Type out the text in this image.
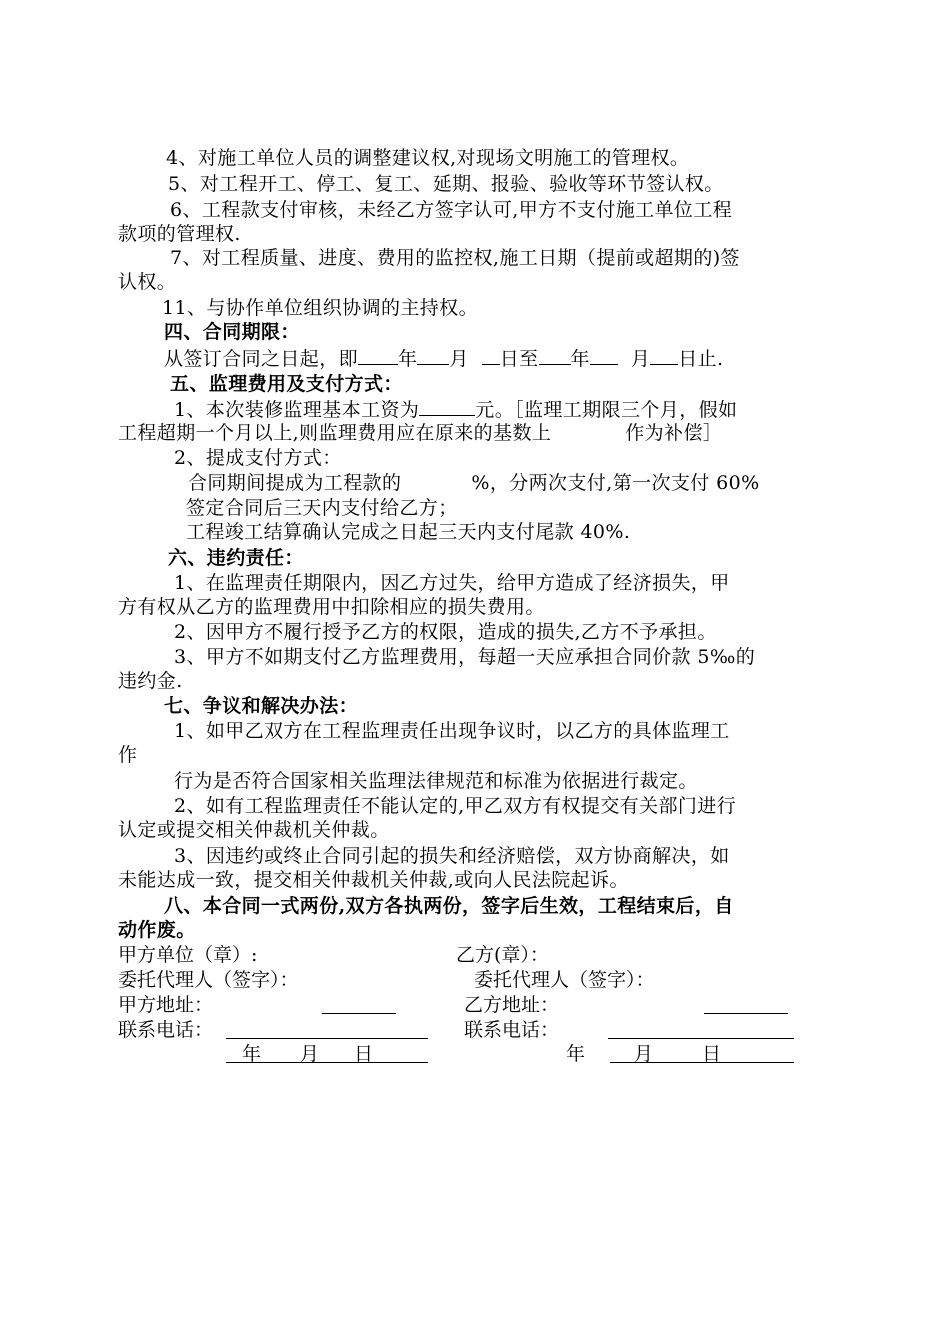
4、对施工单位人员的调整建议权,对现场文明施工的管理权。
5、对工程开工、停工、复工、延期、报验、验收等环节签认权。
6、工程款支付审核，未经乙方签字认可,甲方不支付施工单位工程
款项的管理权.
7、对工程质量、进度、费用的监控权,施工日期（提前或超期的)签
认权。
11、与协作单位组织协调的主持权。
四、合同期限：
从签订合同之日起，即 年 月 日至 年 月 日止.
五、监理费用及支付方式：
1、本次装修监理基本工资为	元。［监理工期限三个月，假如
工程超期一个月以上,则监理费用应在原来的基数上	作为补偿］
2、提成支付方式：
合同期间提成为工程款的	%，分两次支付,第一次支付 60%
签定合同后三天内支付给乙方；
工程竣工结算确认完成之日起三天内支付尾款 40%.
六、违约责任：
1、在监理责任期限内，因乙方过失，给甲方造成了经济损失，甲
方有权从乙方的监理费用中扣除相应的损失费用。
2、因甲方不履行授予乙方的权限，造成的损失,乙方不予承担。
3、甲方不如期支付乙方监理费用，每超一天应承担合同价款 5‰的
违约金.
七、争议和解决办法：
1、如甲乙双方在工程监理责任出现争议时，以乙方的具体监理工
作
行为是否符合国家相关监理法律规范和标准为依据进行裁定。
2、如有工程监理责任不能认定的,甲乙双方有权提交有关部门进行
认定或提交相关仲裁机关仲裁。
3、因违约或终止合同引起的损失和经济赔偿，双方协商解决，如
未能达成一致，提交相关仲裁机关仲裁,或向人民法院起诉。
八、本合同一式两份,双方各执两份，签字后生效，工程结束后，自
动作废。
甲方单位（章）:	乙方(章）：
委托代理人（签字）：	委托代理人（签字）：
甲方地址：	乙方地址：
联系电话：	联系电话：
年 月 日	年	月	日
